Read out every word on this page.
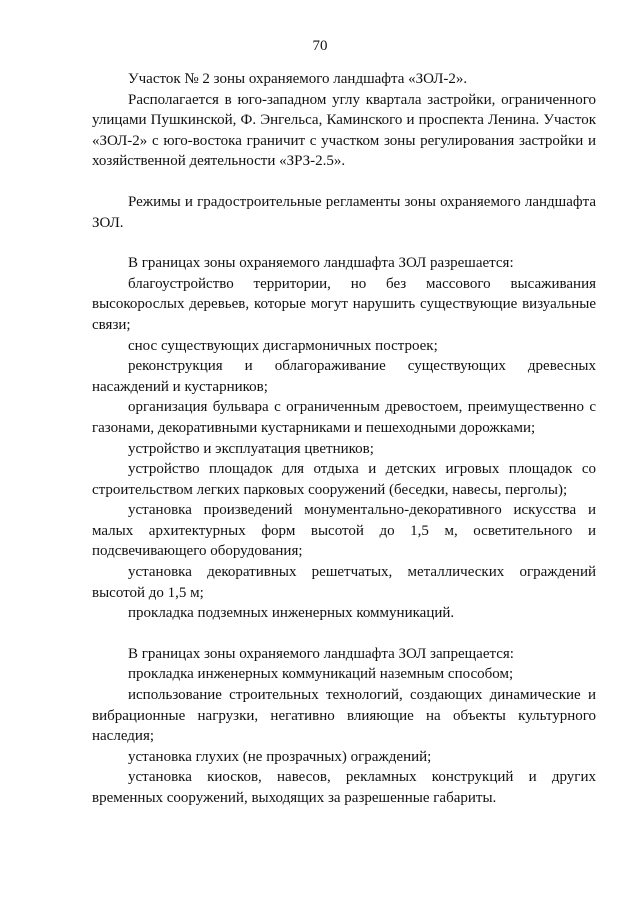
70

Участок № 2 зоны охраняемого ландшафта «ЗОЛ-2».

Располагается в юго-западном углу квартала застройки, ограниченного улицами Пушкинской, Ф. Энгельса, Каминского и проспекта Ленина. Участок «ЗОЛ-2» с юго-востока граничит с участком зоны регулирования застройки и хозяйственной деятельности «ЗРЗ-2.5».

Режимы и градостроительные регламенты зоны охраняемого ландшафта ЗОЛ.

В границах зоны охраняемого ландшафта ЗОЛ разрешается:

благоустройство территории, но без массового высаживания высокорослых деревьев, которые могут нарушить существующие визуальные связи;

снос существующих дисгармоничных построек;

реконструкция и облагораживание существующих древесных насаждений и кустарников;

организация бульвара с ограниченным древостоем, преимущественно с газонами, декоративными кустарниками и пешеходными дорожками;

устройство и эксплуатация цветников;

устройство площадок для отдыха и детских игровых площадок со строительством легких парковых сооружений (беседки, навесы, перголы);

установка произведений монументально-декоративного искусства и малых архитектурных форм высотой до 1,5 м, осветительного и подсвечивающего оборудования;

установка декоративных решетчатых, металлических ограждений высотой до 1,5 м;

прокладка подземных инженерных коммуникаций.

В границах зоны охраняемого ландшафта ЗОЛ запрещается:

прокладка инженерных коммуникаций наземным способом;

использование строительных технологий, создающих динамические и вибрационные нагрузки, негативно влияющие на объекты культурного наследия;

установка глухих (не прозрачных) ограждений;

установка киосков, навесов, рекламных конструкций и других временных сооружений, выходящих за разрешенные габариты.
